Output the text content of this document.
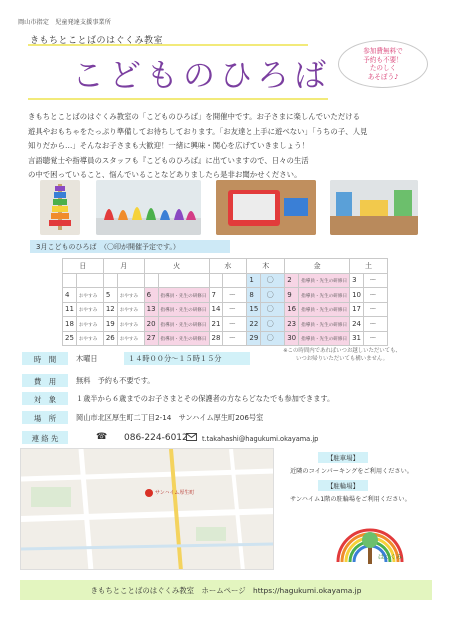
岡山市指定　児童発達支援事業所
きもちとことばのはぐくみ教室
こどものひろば
参加費無料で
予約も不要！
たのしく
あそぼう♪
きもちとことばのはぐくみ教室の「こどものひろば」を開催中です。お子さまに楽しんでいただける
遊具やおもちゃをたっぷり準備してお待ちしております。「お友達と上手に遊べない」「うちの子、人見
知りだから…」そんなお子さまも大歓迎！一緒に興味・関心を広げていきましょう！
言語聴覚士や指導員のスタッフも『こどものひろば』に出ていますので、日々の生活
の中で困っていること、悩んでいることなどありましたら是非お聞かせください。
3月こどものひろば　（〇印が開催予定です。）
日		月		火		水		木		金		土	
								1	〇	2	指導員・先生の研修日	3	ー
4	おやすみ	5	おやすみ	6	指導員・先生の研修日	7	ー	8	〇	9	指導員・先生の研修日	10	ー
11	おやすみ	12	おやすみ	13	指導員・先生の研修日	14	ー	15	〇	16	指導員・先生の研修日	17	ー
18	おやすみ	19	おやすみ	20	指導員・先生の研修日	21	ー	22	〇	23	指導員・先生の研修日	24	ー
25	おやすみ	26	おやすみ	27	指導員・先生の研修日	28	ー	29	〇	30	指導員・先生の研修日	31	ー
時　間	木曜日	１４時００分～１５時１５分
※この時間内であればいつお越しいただいても、
いつお帰りいただいても構いません。
費　用	無料　予約も不要です。
対　象	１歳半から６歳までのお子さまとその保護者の方ならどなたでも参加できます。
場　所	岡山市北区厚生町二丁目2-14　サンハイム厚生町206号室
連 絡 先	☎ 086-224-6012 t.takahashi@hagukumi.okayama.jp
サンハイム厚生町
【駐車場】
近隣のコインパーキングをご利用ください。
【駐輪場】
サンハイム1階の駐輪場をご利用ください。
はぐくみ
きもちとことばのはぐくみ教室　ホームページ　https://hagukumi.okayama.jp
